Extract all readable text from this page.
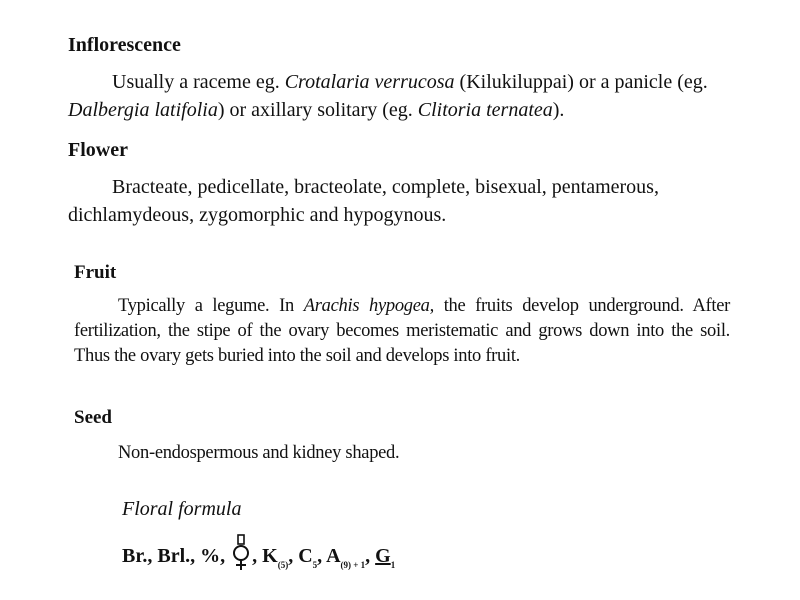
Inflorescence

Usually a raceme eg. Crotalaria verrucosa (Kilukiluppai) or a panicle (eg. Dalbergia latifolia) or axillary solitary (eg. Clitoria ternatea).

Flower

Bracteate, pedicellate, bracteolate, complete, bisexual, pentamerous, dichlamydeous, zygomorphic and hypogynous.

Fruit

Typically a legume. In Arachis hypogea, the fruits develop underground. After fertilization, the stipe of the ovary becomes meristematic and grows down into the soil. Thus the ovary gets buried into the soil and develops into fruit.

Seed

Non-endospermous and kidney shaped.

Floral formula
Br., Brl., %,
, $K_{(5)}$, $C_5$, $A_{(9) + 1}$, $G_1$
